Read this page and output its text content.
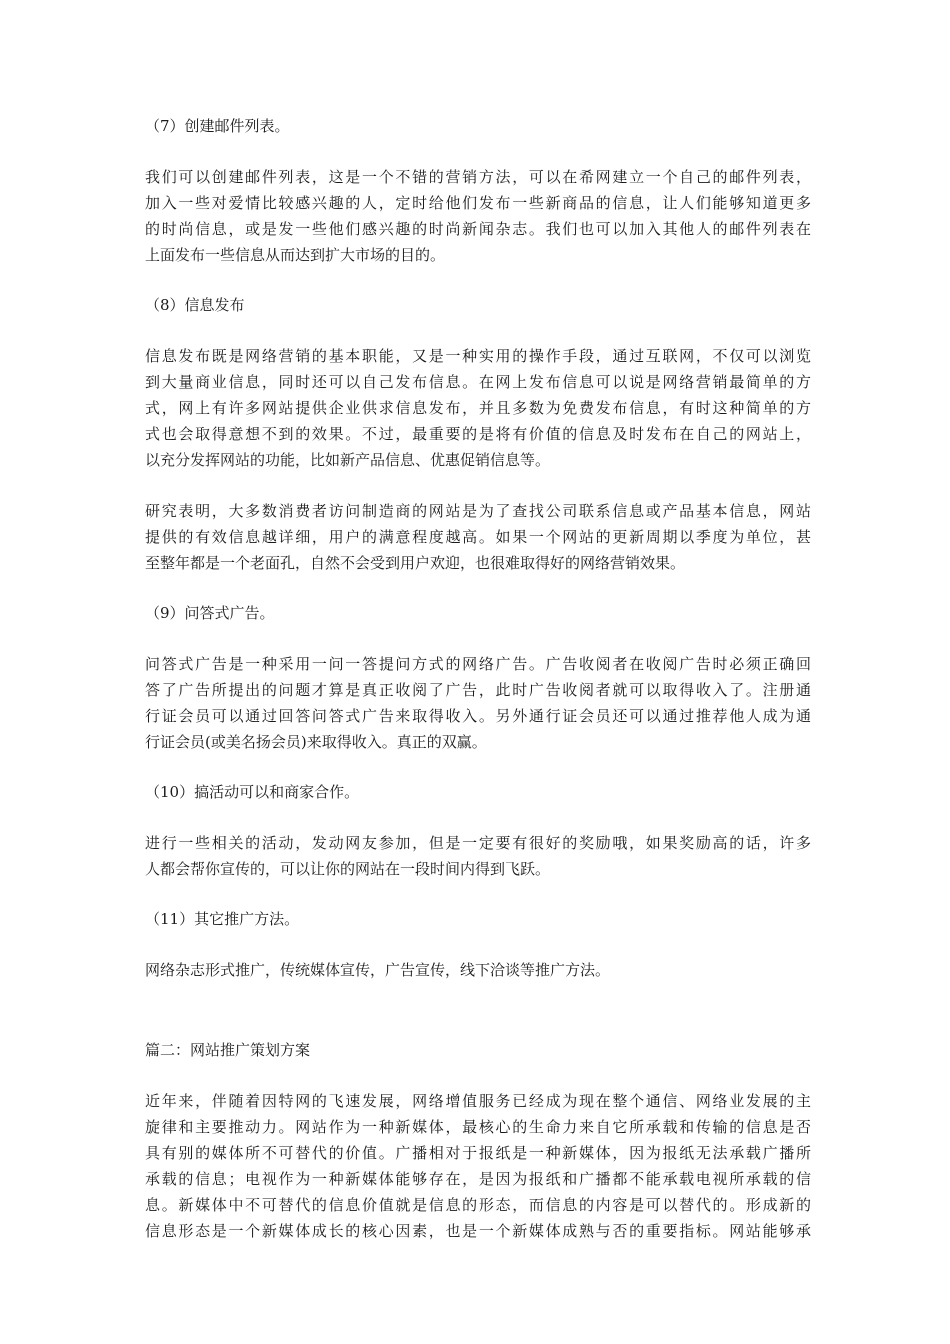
（7）创建邮件列表。
我们可以创建邮件列表，这是一个不错的营销方法，可以在希网建立一个自己的邮件列表，
加入一些对爱情比较感兴趣的人，定时给他们发布一些新商品的信息，让人们能够知道更多
的时尚信息，或是发一些他们感兴趣的时尚新闻杂志。我们也可以加入其他人的邮件列表在
上面发布一些信息从而达到扩大市场的目的。
（8）信息发布
信息发布既是网络营销的基本职能，又是一种实用的操作手段，通过互联网，不仅可以浏览
到大量商业信息，同时还可以自己发布信息。在网上发布信息可以说是网络营销最简单的方
式，网上有许多网站提供企业供求信息发布，并且多数为免费发布信息，有时这种简单的方
式也会取得意想不到的效果。不过，最重要的是将有价值的信息及时发布在自己的网站上，
以充分发挥网站的功能，比如新产品信息、优惠促销信息等。
研究表明，大多数消费者访问制造商的网站是为了查找公司联系信息或产品基本信息，网站
提供的有效信息越详细，用户的满意程度越高。如果一个网站的更新周期以季度为单位，甚
至整年都是一个老面孔，自然不会受到用户欢迎，也很难取得好的网络营销效果。
（9）问答式广告。
问答式广告是一种采用一问一答提问方式的网络广告。广告收阅者在收阅广告时必须正确回
答了广告所提出的问题才算是真正收阅了广告，此时广告收阅者就可以取得收入了。注册通
行证会员可以通过回答问答式广告来取得收入。另外通行证会员还可以通过推荐他人成为通
行证会员(或美名扬会员)来取得收入。真正的双赢。
（10）搞活动可以和商家合作。
进行一些相关的活动，发动网友参加，但是一定要有很好的奖励哦，如果奖励高的话，许多
人都会帮你宣传的，可以让你的网站在一段时间内得到飞跃。
（11）其它推广方法。
网络杂志形式推广，传统媒体宣传，广告宣传，线下洽谈等推广方法。
篇二：网站推广策划方案
近年来，伴随着因特网的飞速发展，网络增值服务已经成为现在整个通信、网络业发展的主
旋律和主要推动力。网站作为一种新媒体，最核心的生命力来自它所承载和传输的信息是否
具有别的媒体所不可替代的价值。广播相对于报纸是一种新媒体，因为报纸无法承载广播所
承载的信息；电视作为一种新媒体能够存在，是因为报纸和广播都不能承载电视所承载的信
息。新媒体中不可替代的信息价值就是信息的形态，而信息的内容是可以替代的。形成新的
信息形态是一个新媒体成长的核心因素，也是一个新媒体成熟与否的重要指标。网站能够承
